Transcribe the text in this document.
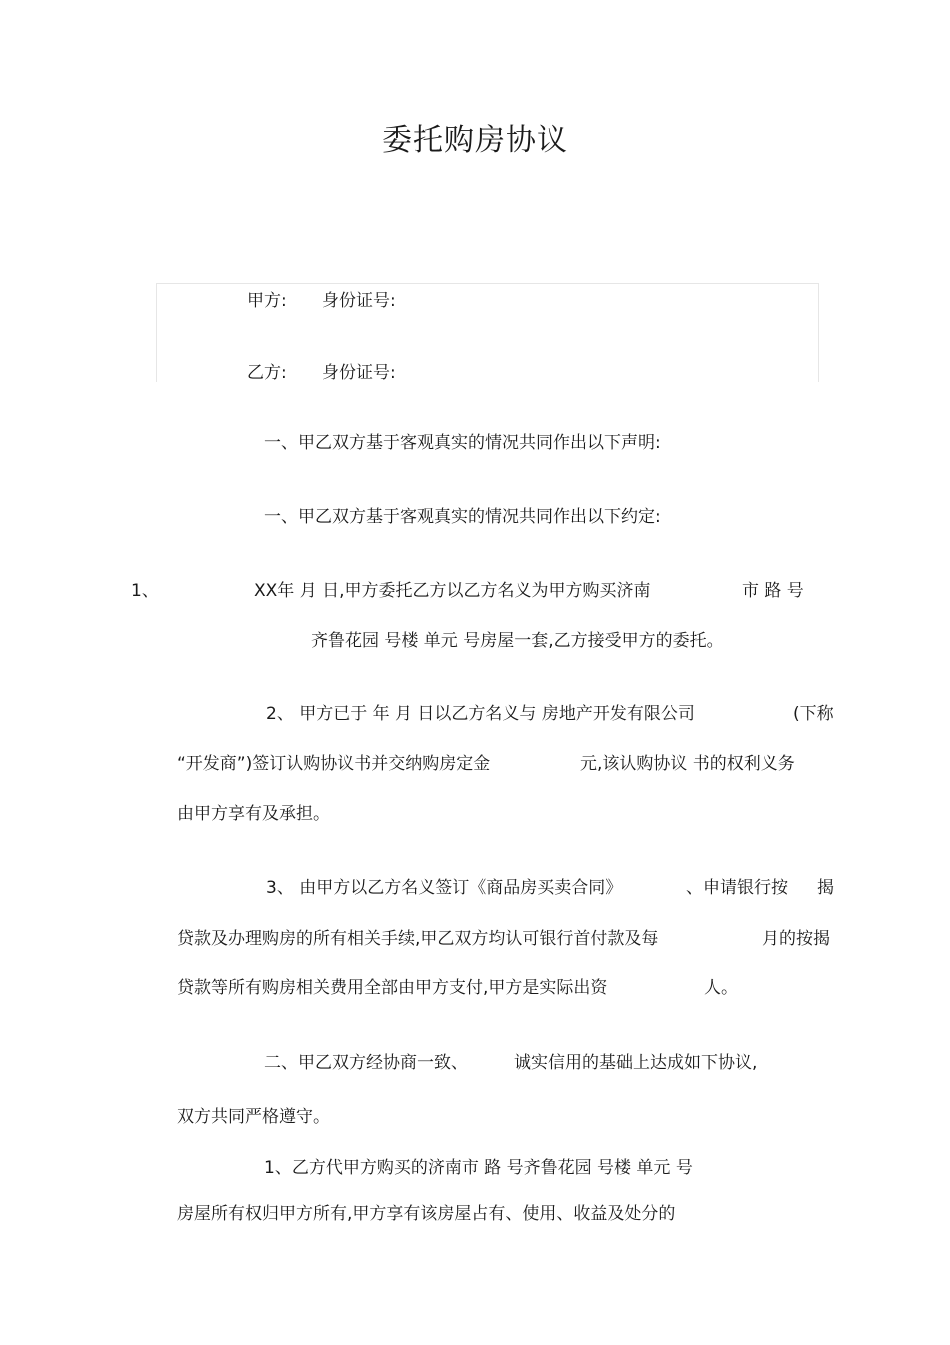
委托购房协议
甲方: 身份证号:
乙方: 身份证号:
一、甲乙双方基于客观真实的情况共同作出以下声明:
一、甲乙双方基于客观真实的情况共同作出以下约定:
1、	XX年 月 日,甲方委托乙方以乙方名义为甲方购买济南	市 路 号
齐鲁花园 号楼 单元 号房屋一套,乙方接受甲方的委托。
2、 甲方已于 年 月 日以乙方名义与 房地产开发有限公司	(下称
“开发商”)签订认购协议书并交纳购房定金	元,该认购协议 书的权利义务
由甲方享有及承担。
3、 由甲方以乙方名义签订《商品房买卖合同》	、申请银行按 揭
贷款及办理购房的所有相关手续,甲乙双方均认可银行首付款及每	月的按揭
贷款等所有购房相关费用全部由甲方支付,甲方是实际出资	人。
二、甲乙双方经协商一致、	诚实信用的基础上达成如下协议,
双方共同严格遵守。
1、乙方代甲方购买的济南市 路 号齐鲁花园 号楼 单元 号
房屋所有权归甲方所有,甲方享有该房屋占有、使用、收益及处分的
